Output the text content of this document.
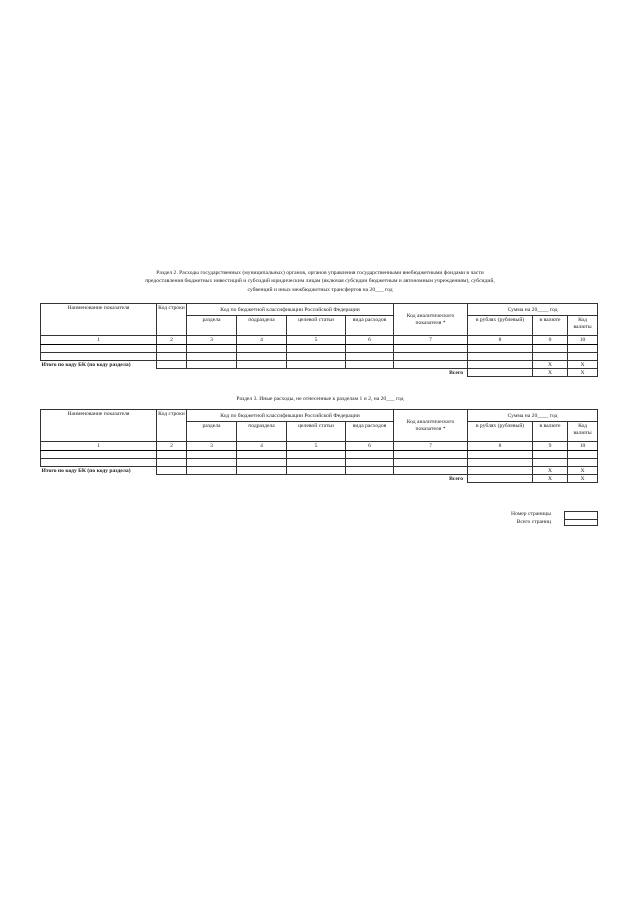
Раздел 2. Расходы государственных (муниципальных) органов, органов управления государственными внебюджетными фондами в части
предоставления бюджетных инвестиций и субсидий юридическим лицам (включая субсидии бюджетным и автономным учреждениям), субсидий,
субвенций и иных межбюджетных трансфертов на 20___ год
Наименование показателя	Код строки	Код по бюджетной классификации Российской Федерации				Код аналитического показателя *	Сумма на 20____ год		
		раздела	подраздела	целевой статьи	вида расходов		в рублях (рублевый)	в валюте	Код валюты
1	2	3	4	5	6	7	8	0	10

Итого по коду БК (по коду раздела)								X	X
						Всего		X	X
Раздел 3. Иные расходы, не отнесенные к разделам 1 и 2, на 20___ год
Наименование показателя	Код строки	Код по бюджетной классификации Российской Федерации				Код аналитического показателя *	Сумма на 20____ год		
		раздела	подраздела	целевой статьи	вида расходов		в рублях (рублевый)	в валюте	Код валюты
1	2	3	4	5	6	7	8	9	10

Итого по коду БК (по коду раздела)								X	X
						Всего		X	X
Номер страницы
Всего страниц
